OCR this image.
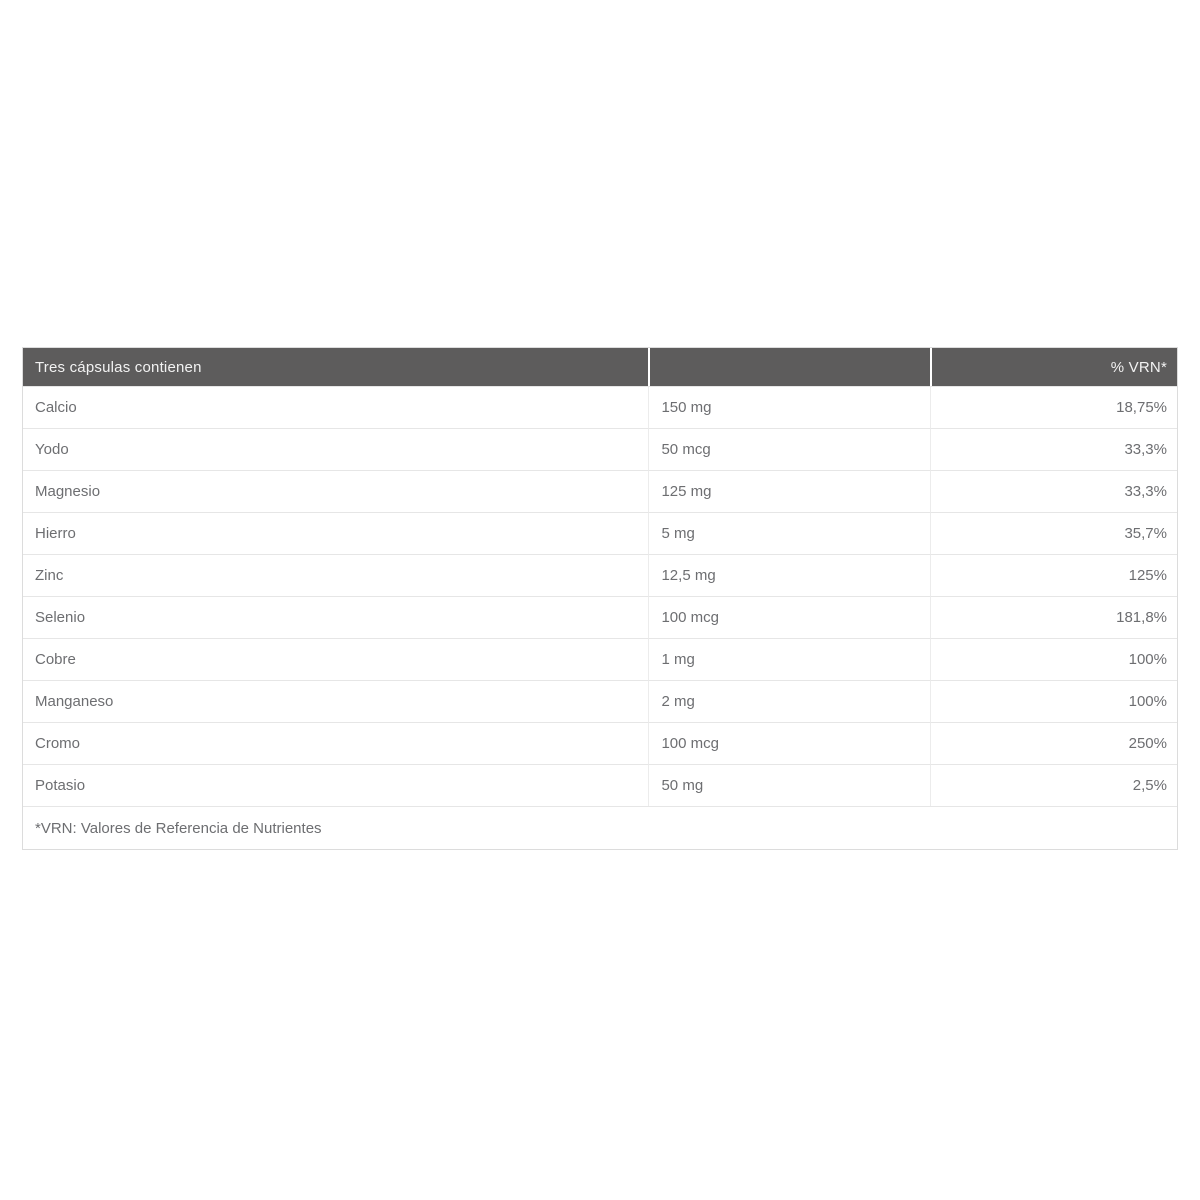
Tres cápsulas contienen		% VRN*
Calcio	150 mg	18,75%
Yodo	50 mcg	33,3%
Magnesio	125 mg	33,3%
Hierro	5 mg	35,7%
Zinc	12,5 mg	125%
Selenio	100 mcg	181,8%
Cobre	1 mg	100%
Manganeso	2 mg	100%
Cromo	100 mcg	250%
Potasio	50 mg	2,5%
*VRN: Valores de Referencia de Nutrientes		
